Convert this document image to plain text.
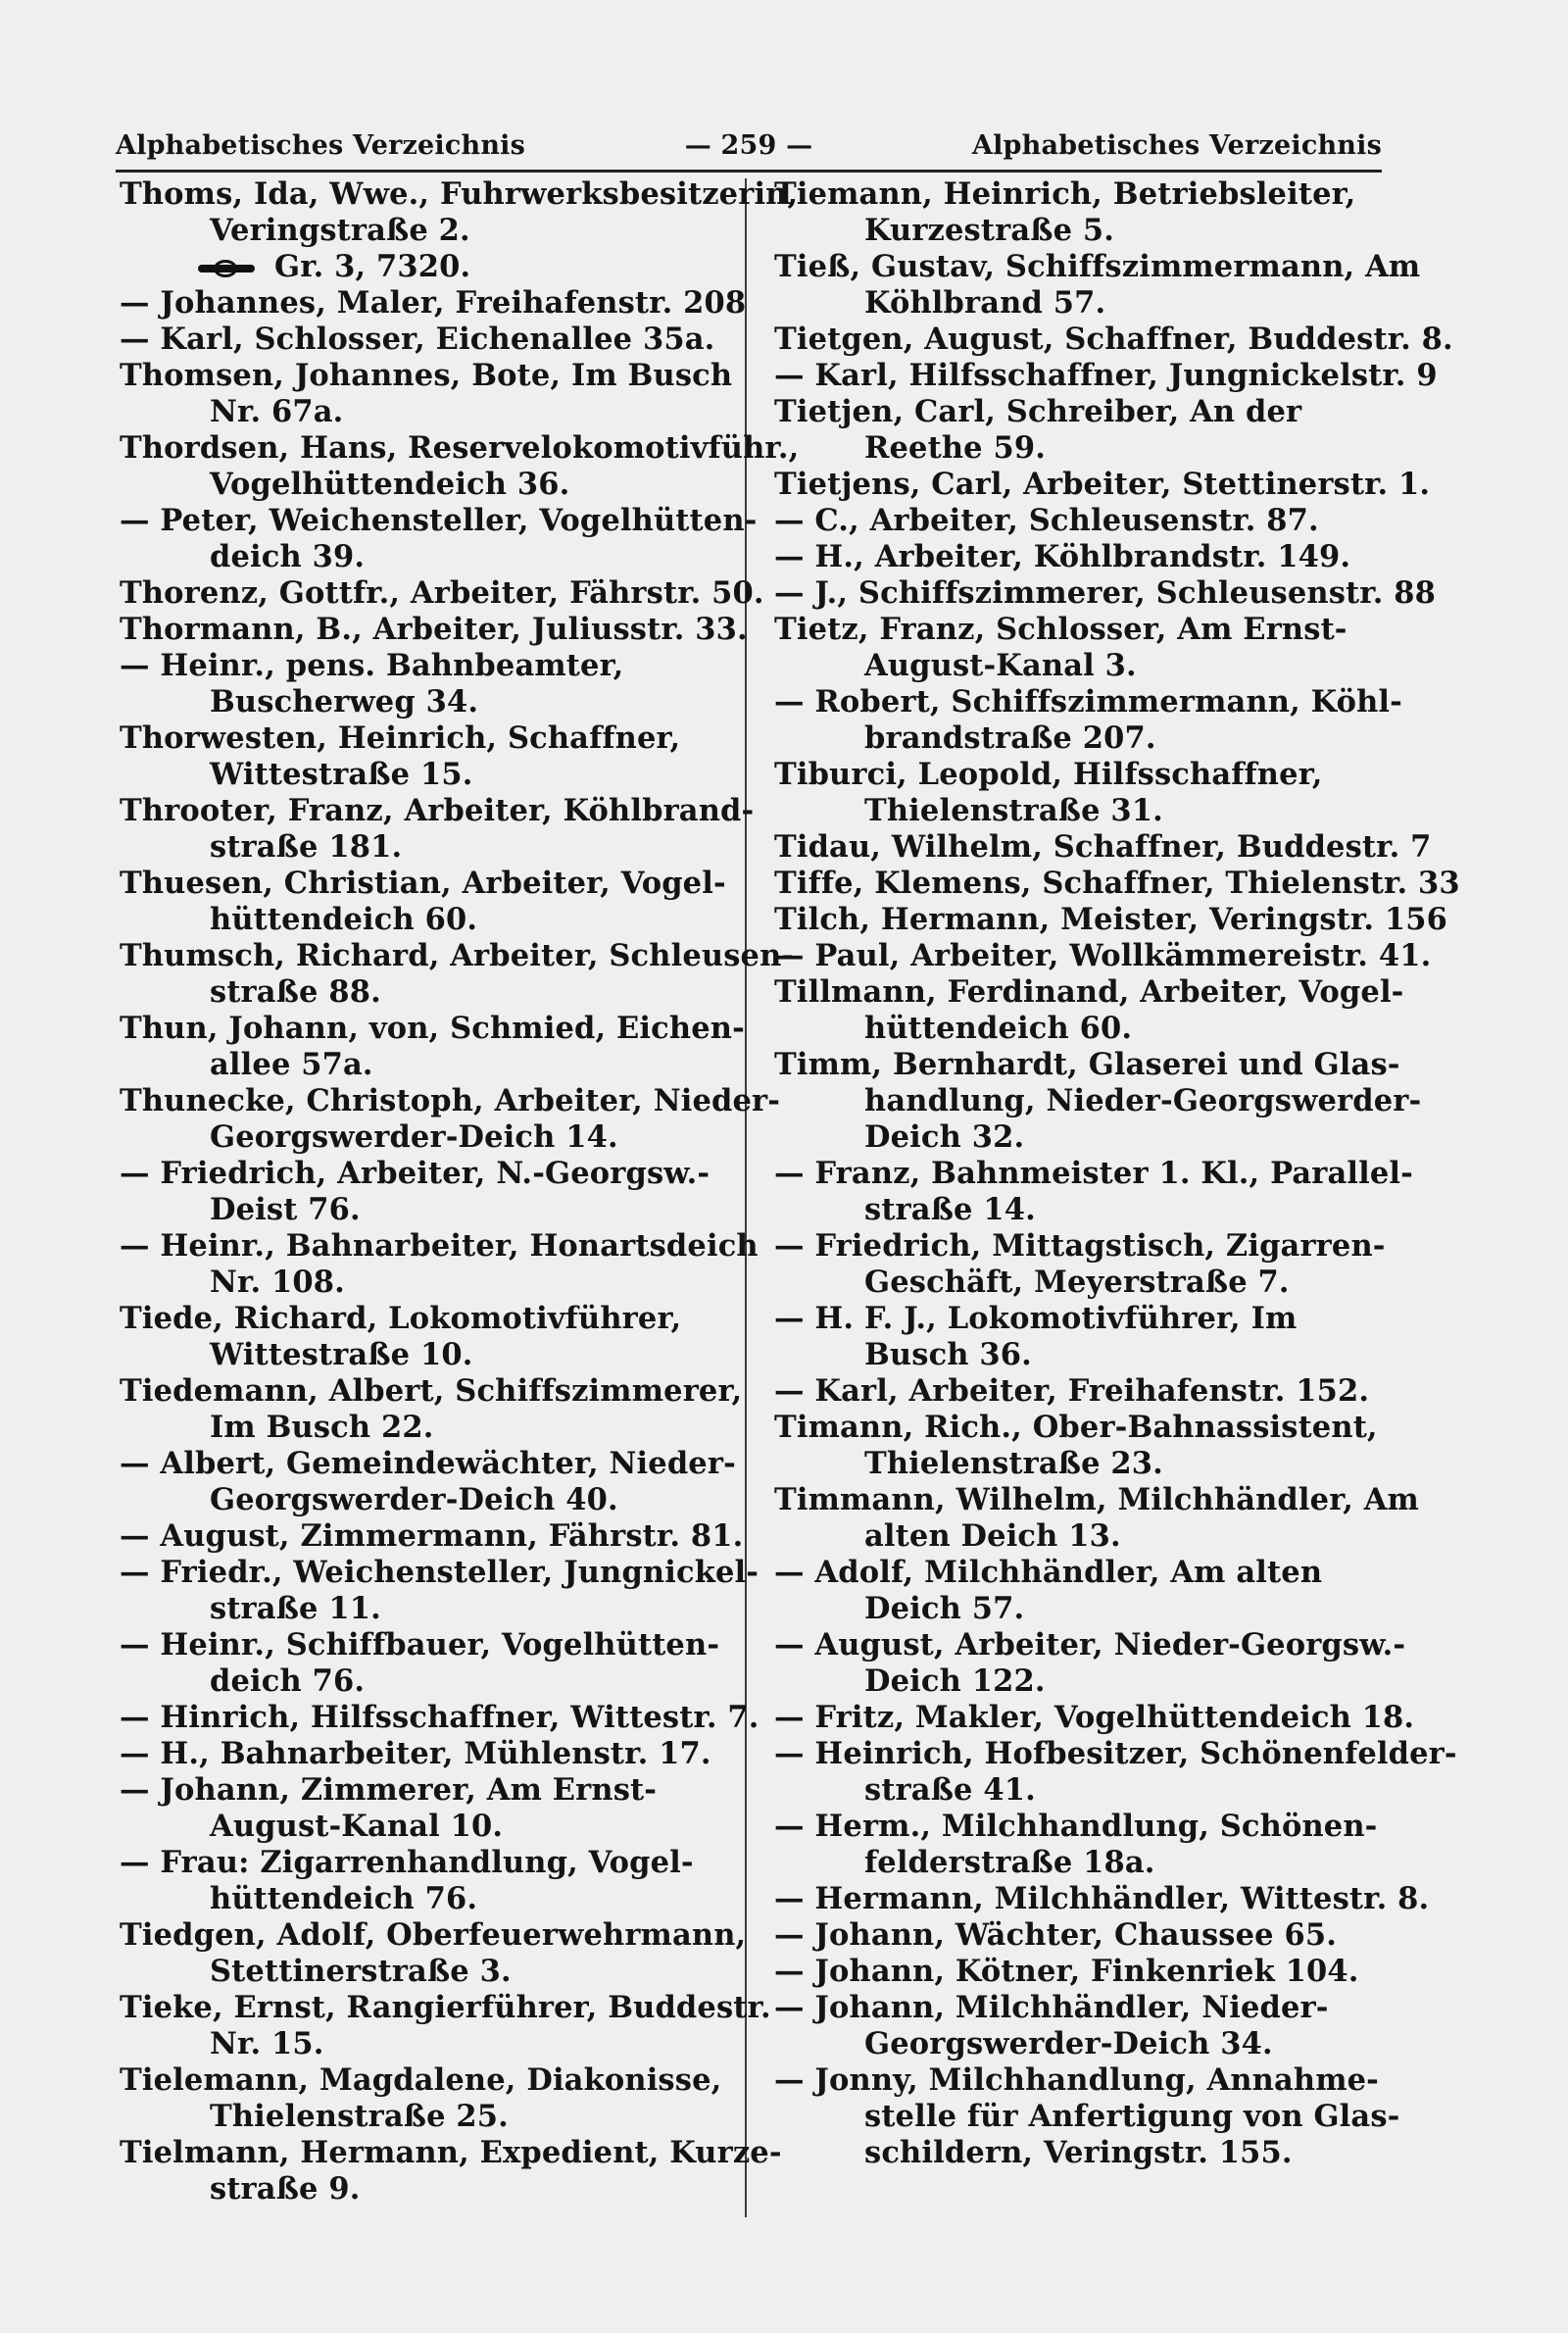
Alphabetisches Verzeichnis	— 259 —	Alphabetisches Verzeichnis
Thoms, Ida, Wwe., Fuhrwerksbesitzerin,
Veringstraße 2.
Gr. 3, 7320.
— Johannes, Maler, Freihafenstr. 208
— Karl, Schlosser, Eichenallee 35a.
Thomsen, Johannes, Bote, Im Busch
Nr. 67a.
Thordsen, Hans, Reservelokomotivführ.,
Vogelhüttendeich 36.
— Peter, Weichensteller, Vogelhütten-
deich 39.
Thorenz, Gottfr., Arbeiter, Fährstr. 50.
Thormann, B., Arbeiter, Juliusstr. 33.
— Heinr., pens. Bahnbeamter,
Buscherweg 34.
Thorwesten, Heinrich, Schaffner,
Wittestraße 15.
Throoter, Franz, Arbeiter, Köhlbrand-
straße 181.
Thuesen, Christian, Arbeiter, Vogel-
hüttendeich 60.
Thumsch, Richard, Arbeiter, Schleusen-
straße 88.
Thun, Johann, von, Schmied, Eichen-
allee 57a.
Thunecke, Christoph, Arbeiter, Nieder-
Georgswerder-Deich 14.
— Friedrich, Arbeiter, N.-Georgsw.-
Deist 76.
— Heinr., Bahnarbeiter, Honartsdeich
Nr. 108.
Tiede, Richard, Lokomotivführer,
Wittestraße 10.
Tiedemann, Albert, Schiffszimmerer,
Im Busch 22.
— Albert, Gemeindewächter, Nieder-
Georgswerder-Deich 40.
— August, Zimmermann, Fährstr. 81.
— Friedr., Weichensteller, Jungnickel-
straße 11.
— Heinr., Schiffbauer, Vogelhütten-
deich 76.
— Hinrich, Hilfsschaffner, Wittestr. 7.
— H., Bahnarbeiter, Mühlenstr. 17.
— Johann, Zimmerer, Am Ernst-
August-Kanal 10.
— Frau: Zigarrenhandlung, Vogel-
hüttendeich 76.
Tiedgen, Adolf, Oberfeuerwehrmann,
Stettinerstraße 3.
Tieke, Ernst, Rangierführer, Buddestr.
Nr. 15.
Tielemann, Magdalene, Diakonisse,
Thielenstraße 25.
Tielmann, Hermann, Expedient, Kurze-
straße 9.
Tiemann, Heinrich, Betriebsleiter,
Kurzestraße 5.
Tieß, Gustav, Schiffszimmermann, Am
Köhlbrand 57.
Tietgen, August, Schaffner, Buddestr. 8.
— Karl, Hilfsschaffner, Jungnickelstr. 9
Tietjen, Carl, Schreiber, An der
Reethe 59.
Tietjens, Carl, Arbeiter, Stettinerstr. 1.
— C., Arbeiter, Schleusenstr. 87.
— H., Arbeiter, Köhlbrandstr. 149.
— J., Schiffszimmerer, Schleusenstr. 88
Tietz, Franz, Schlosser, Am Ernst-
August-Kanal 3.
— Robert, Schiffszimmermann, Köhl-
brandstraße 207.
Tiburci, Leopold, Hilfsschaffner,
Thielenstraße 31.
Tidau, Wilhelm, Schaffner, Buddestr. 7
Tiffe, Klemens, Schaffner, Thielenstr. 33
Tilch, Hermann, Meister, Veringstr. 156
— Paul, Arbeiter, Wollkämmereistr. 41.
Tillmann, Ferdinand, Arbeiter, Vogel-
hüttendeich 60.
Timm, Bernhardt, Glaserei und Glas-
handlung, Nieder-Georgswerder-
Deich 32.
— Franz, Bahnmeister 1. Kl., Parallel-
straße 14.
— Friedrich, Mittagstisch, Zigarren-
Geschäft, Meyerstraße 7.
— H. F. J., Lokomotivführer, Im
Busch 36.
— Karl, Arbeiter, Freihafenstr. 152.
Timann, Rich., Ober-Bahnassistent,
Thielenstraße 23.
Timmann, Wilhelm, Milchhändler, Am
alten Deich 13.
— Adolf, Milchhändler, Am alten
Deich 57.
— August, Arbeiter, Nieder-Georgsw.-
Deich 122.
— Fritz, Makler, Vogelhüttendeich 18.
— Heinrich, Hofbesitzer, Schönenfelder-
straße 41.
— Herm., Milchhandlung, Schönen-
felderstraße 18a.
— Hermann, Milchhändler, Wittestr. 8.
— Johann, Wächter, Chaussee 65.
— Johann, Kötner, Finkenriek 104.
— Johann, Milchhändler, Nieder-
Georgswerder-Deich 34.
— Jonny, Milchhandlung, Annahme-
stelle für Anfertigung von Glas-
schildern, Veringstr. 155.
